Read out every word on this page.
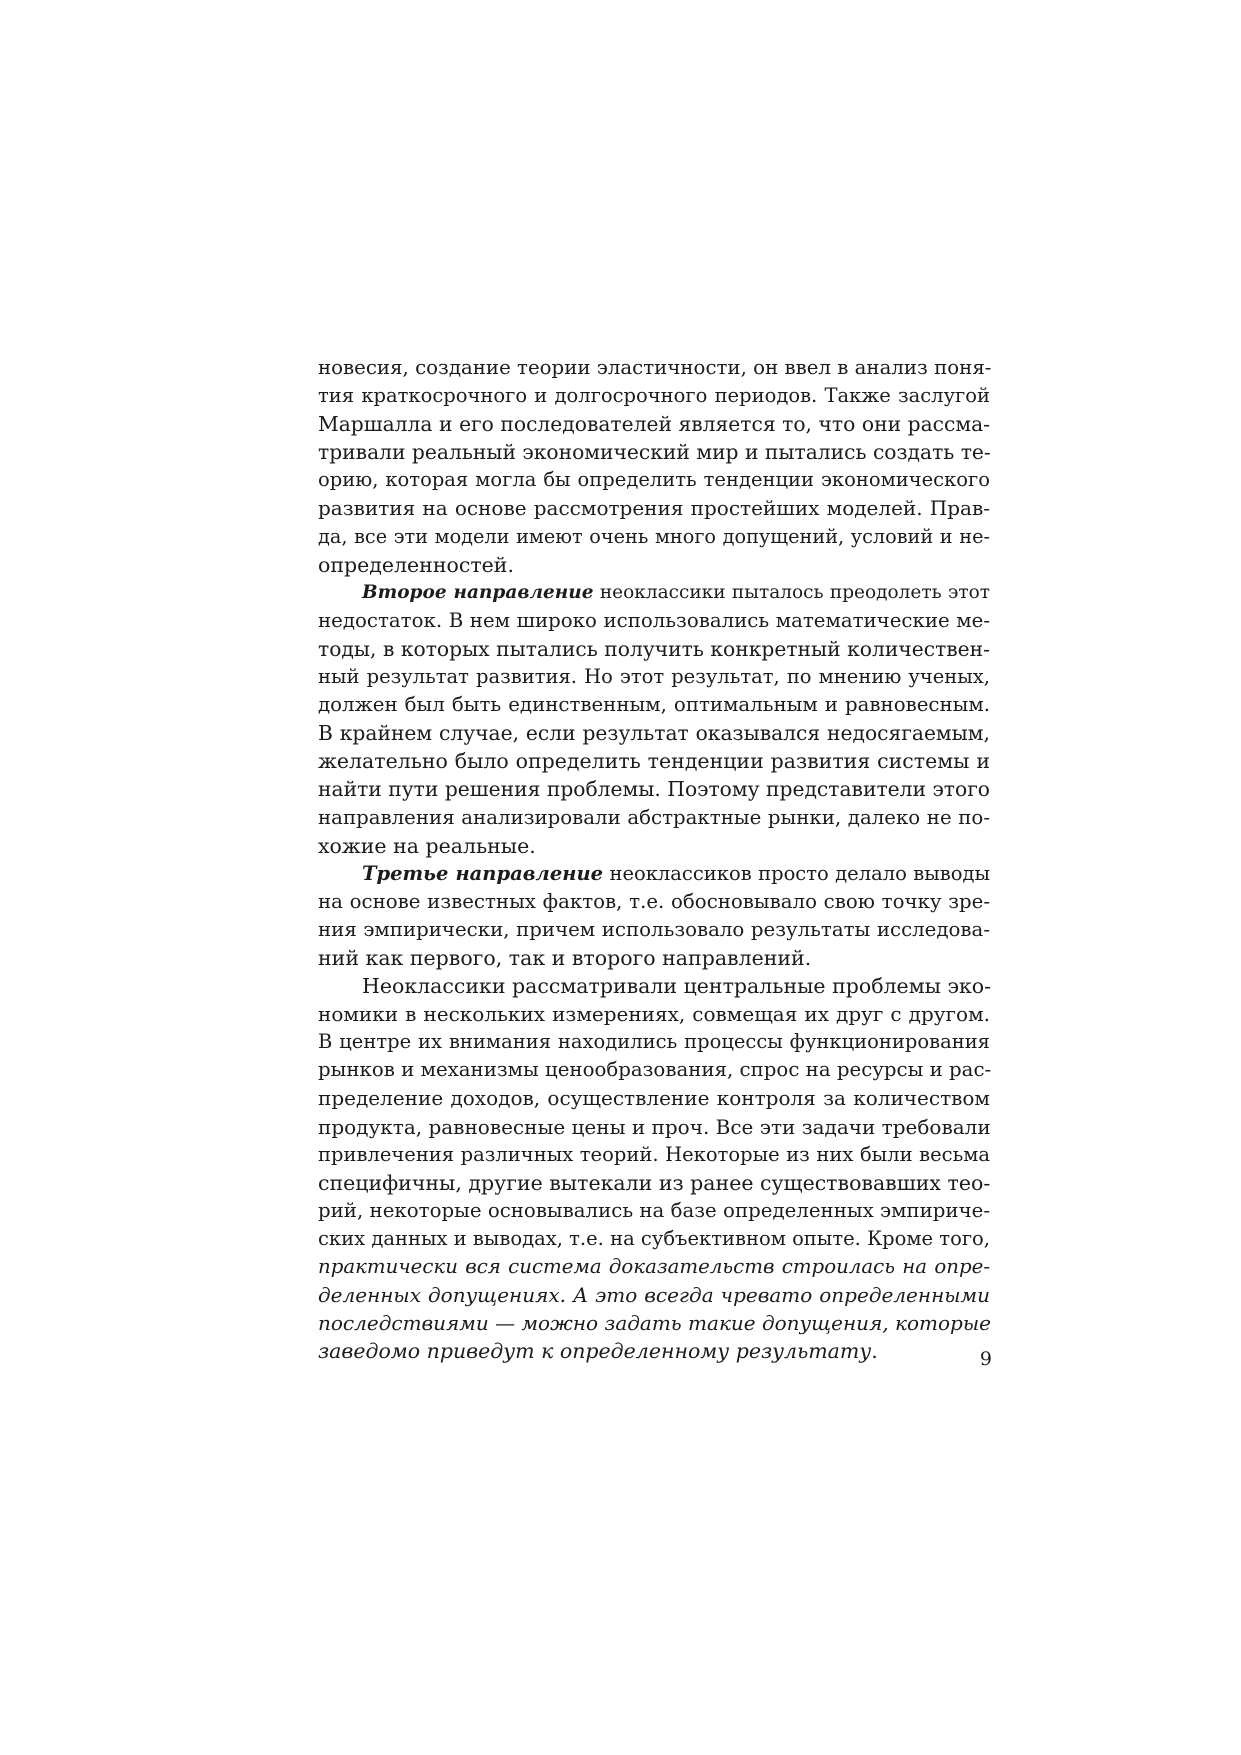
новесия, создание теории эластичности, он ввел в анализ поня-
тия краткосрочного и долгосрочного периодов. Также заслугой
Маршалла и его последователей является то, что они рассма-
тривали реальный экономический мир и пытались создать те-
орию, которая могла бы определить тенденции экономического
развития на основе рассмотрения простейших моделей. Прав-
да, все эти модели имеют очень много допущений, условий и не-
определенностей.
Второе направление неоклассики пыталось преодолеть этот
недостаток. В нем широко использовались математические ме-
тоды, в которых пытались получить конкретный количествен-
ный результат развития. Но этот результат, по мнению ученых,
должен был быть единственным, оптимальным и равновесным.
В крайнем случае, если результат оказывался недосягаемым,
желательно было определить тенденции развития системы и
найти пути решения проблемы. Поэтому представители этого
направления анализировали абстрактные рынки, далеко не по-
хожие на реальные.
Третье направление неоклассиков просто делало выводы
на основе известных фактов, т.е. обосновывало свою точку зре-
ния эмпирически, причем использовало результаты исследова-
ний как первого, так и второго направлений.
Неоклассики рассматривали центральные проблемы эко-
номики в нескольких измерениях, совмещая их друг с другом.
В центре их внимания находились процессы функционирования
рынков и механизмы ценообразования, спрос на ресурсы и рас-
пределение доходов, осуществление контроля за количеством
продукта, равновесные цены и проч. Все эти задачи требовали
привлечения различных теорий. Некоторые из них были весьма
специфичны, другие вытекали из ранее существовавших тео-
рий, некоторые основывались на базе определенных эмпириче-
ских данных и выводах, т.е. на субъективном опыте. Кроме того,
практически вся система доказательств строилась на опре-
деленных допущениях. А это всегда чревато определенными
последствиями — можно задать такие допущения, которые
заведомо приведут к определенному результату.	9
